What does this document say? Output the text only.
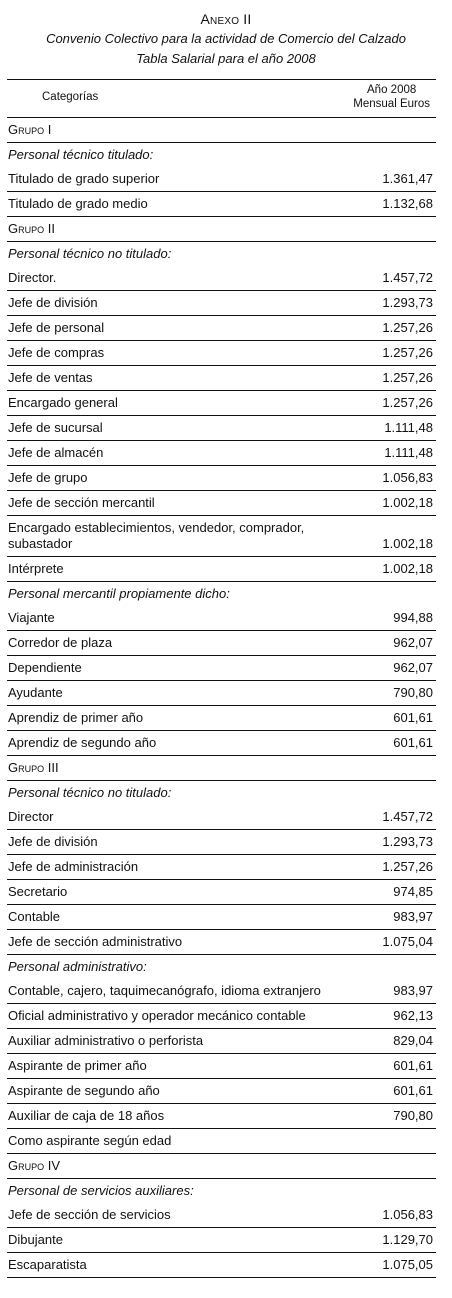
Anexo II
Convenio Colectivo para la actividad de Comercio del Calzado
Tabla Salarial para el año 2008
Categorías
Año 2008
Mensual Euros
Grupo I
Personal técnico titulado:
Titulado de grado superior	1.361,47
Titulado de grado medio	1.132,68
Grupo II
Personal técnico no titulado:
Director.	1.457,72
Jefe de división	1.293,73
Jefe de personal	1.257,26
Jefe de compras	1.257,26
Jefe de ventas	1.257,26
Encargado general	1.257,26
Jefe de sucursal	1.111,48
Jefe de almacén	1.111,48
Jefe de grupo	1.056,83
Jefe de sección mercantil	1.002,18
Encargado establecimientos, vendedor, comprador, subastador	1.002,18
Intérprete	1.002,18
Personal mercantil propiamente dicho:
Viajante	994,88
Corredor de plaza	962,07
Dependiente	962,07
Ayudante	790,80
Aprendiz de primer año	601,61
Aprendiz de segundo año	601,61
Grupo III
Personal técnico no titulado:
Director	1.457,72
Jefe de división	1.293,73
Jefe de administración	1.257,26
Secretario	974,85
Contable	983,97
Jefe de sección administrativo	1.075,04
Personal administrativo:
Contable, cajero, taquimecanógrafo, idioma extranjero	983,97
Oficial administrativo y operador mecánico contable	962,13
Auxiliar administrativo o perforista	829,04
Aspirante de primer año	601,61
Aspirante de segundo año	601,61
Auxiliar de caja de 18 años	790,80
Como aspirante según edad
Grupo IV
Personal de servicios auxiliares:
Jefe de sección de servicios	1.056,83
Dibujante	1.129,70
Escaparatista	1.075,05
